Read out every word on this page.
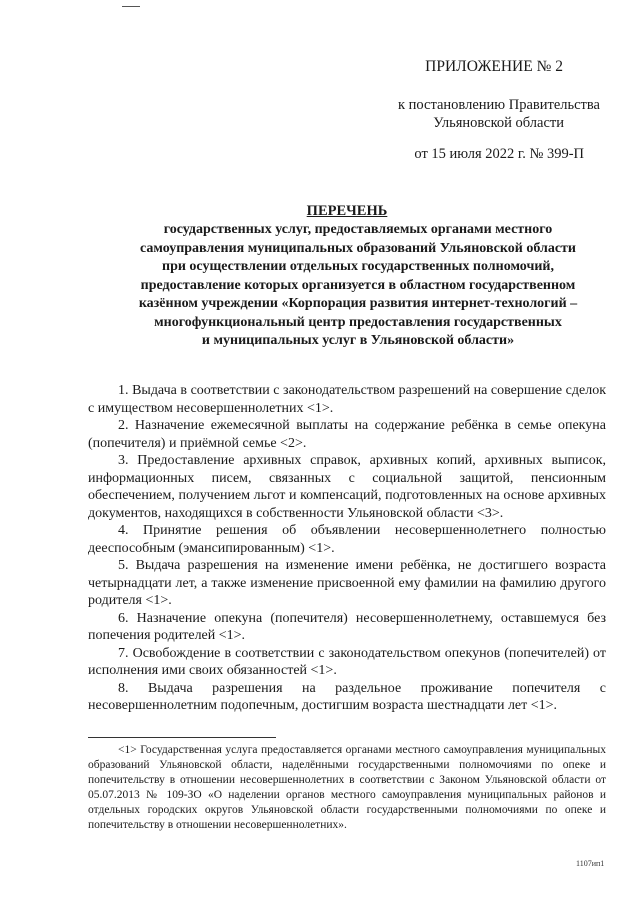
ПРИЛОЖЕНИЕ № 2
к постановлению Правительства
Ульяновской области
от 15 июля 2022 г. № 399-П
ПЕРЕЧЕНЬ
государственных услуг, предоставляемых органами местного
самоуправления муниципальных образований Ульяновской области
при осуществлении отдельных государственных полномочий,
предоставление которых организуется в областном государственном
казённом учреждении «Корпорация развития интернет-технологий –
многофункциональный центр предоставления государственных
и муниципальных услуг в Ульяновской области»

1. Выдача в соответствии с законодательством разрешений на совершение сделок с имуществом несовершеннолетних <1>.

2. Назначение ежемесячной выплаты на содержание ребёнка в семье опекуна (попечителя) и приёмной семье <2>.

3. Предоставление архивных справок, архивных копий, архивных выписок, информационных писем, связанных с социальной защитой, пенсионным обеспечением, получением льгот и компенсаций, подготовленных на основе архивных документов, находящихся в собственности Ульяновской области <3>.

4. Принятие решения об объявлении несовершеннолетнего полностью дееспособным (эмансипированным) <1>.

5. Выдача разрешения на изменение имени ребёнка, не достигшего возраста четырнадцати лет, а также изменение присвоенной ему фамилии на фамилию другого родителя <1>.

6. Назначение опекуна (попечителя) несовершеннолетнему, оставшемуся без попечения родителей <1>.

7. Освобождение в соответствии с законодательством опекунов (попечителей) от исполнения ими своих обязанностей <1>.

8. Выдача разрешения на раздельное проживание попечителя с несовершеннолетним подопечным, достигшим возраста шестнадцати лет <1>.

<1> Государственная услуга предоставляется органами местного самоуправления муниципальных образований Ульяновской области, наделёнными государственными полномочиями по опеке и попечительству в отношении несовершеннолетних в соответствии с Законом Ульяновской области от 05.07.2013 № 109-ЗО «О наделении органов местного самоуправления муниципальных районов и отдельных городских округов Ульяновской области государственными полномочиями по опеке и попечительству в отношении несовершеннолетних».
1107ип1
